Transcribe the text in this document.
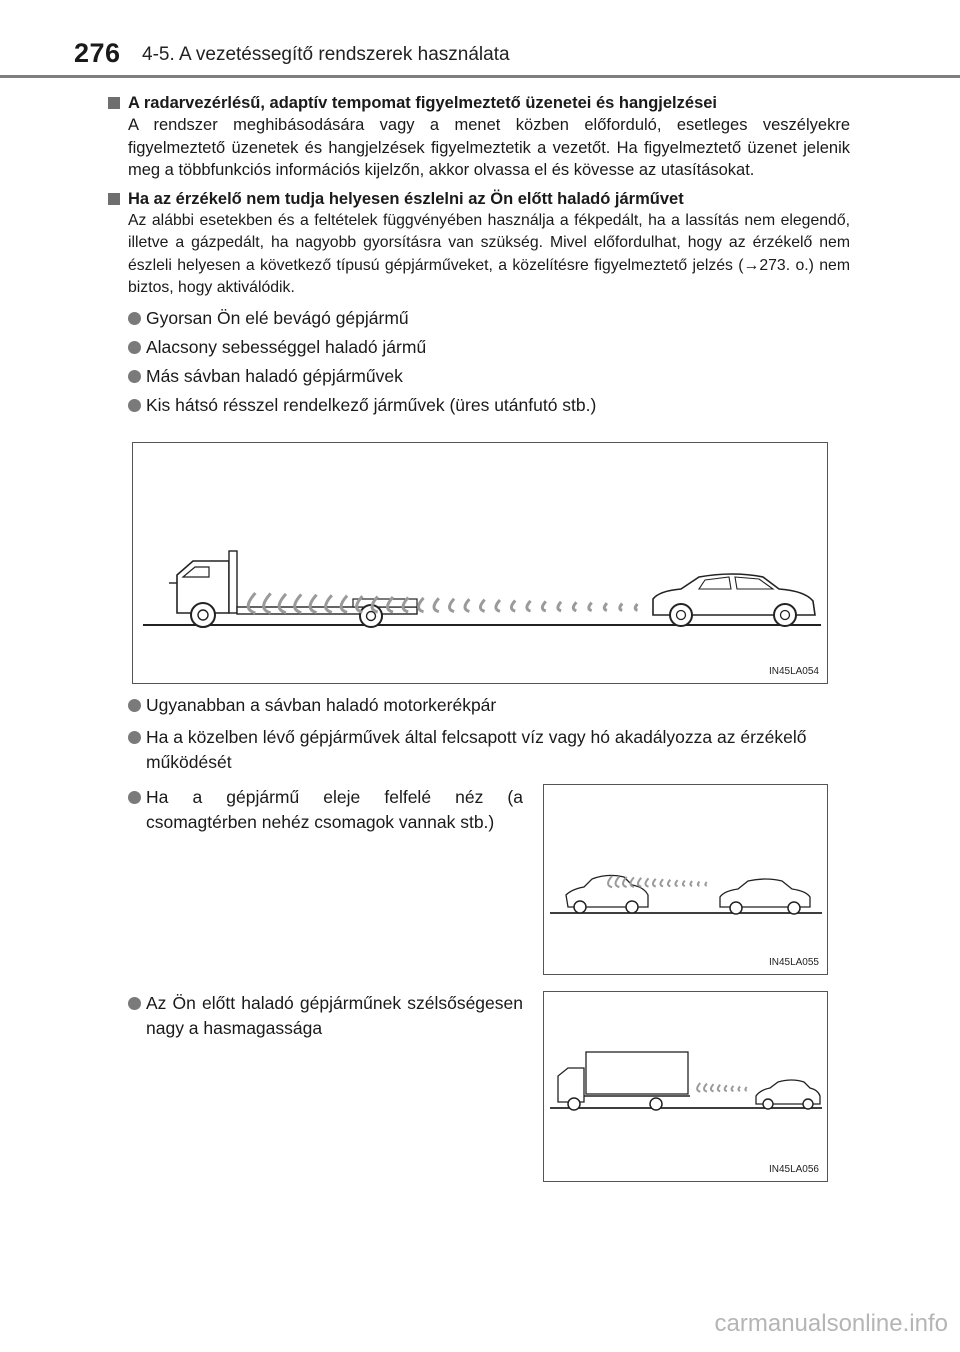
276 4-5. A vezetéssegítő rendszerek használata
A radarvezérlésű, adaptív tempomat figyelmeztető üzenetei és hangjelzései
A rendszer meghibásodására vagy a menet közben előforduló, esetleges veszélyekre figyelmeztető üzenetek és hangjelzések figyelmeztetik a vezetőt. Ha figyelmeztető üzenet jelenik meg a többfunkciós információs kijelzőn, akkor olvassa el és kövesse az utasításokat.
Ha az érzékelő nem tudja helyesen észlelni az Ön előtt haladó járművet
Az alábbi esetekben és a feltételek függvényében használja a fékpedált, ha a lassítás nem elegendő, illetve a gázpedált, ha nagyobb gyorsításra van szükség. Mivel előfordulhat, hogy az érzékelő nem észleli helyesen a következő típusú gépjárműveket, a közelítésre figyelmeztető jelzés (→273. o.) nem biztos, hogy aktiválódik.
Gyorsan Ön elé bevágó gépjármű
Alacsony sebességgel haladó jármű
Más sávban haladó gépjárművek
Kis hátsó résszel rendelkező járművek (üres utánfutó stb.)
IN45LA054
Ugyanabban a sávban haladó motorkerékpár
Ha a közelben lévő gépjárművek által felcsapott víz vagy hó akadályozza az érzékelő működését
Ha a gépjármű eleje felfelé néz (a csomagtérben nehéz csomagok vannak stb.)
IN45LA055
Az Ön előtt haladó gépjárműnek szélsőségesen nagy a hasmagassága
IN45LA056
carmanualsonline.info
